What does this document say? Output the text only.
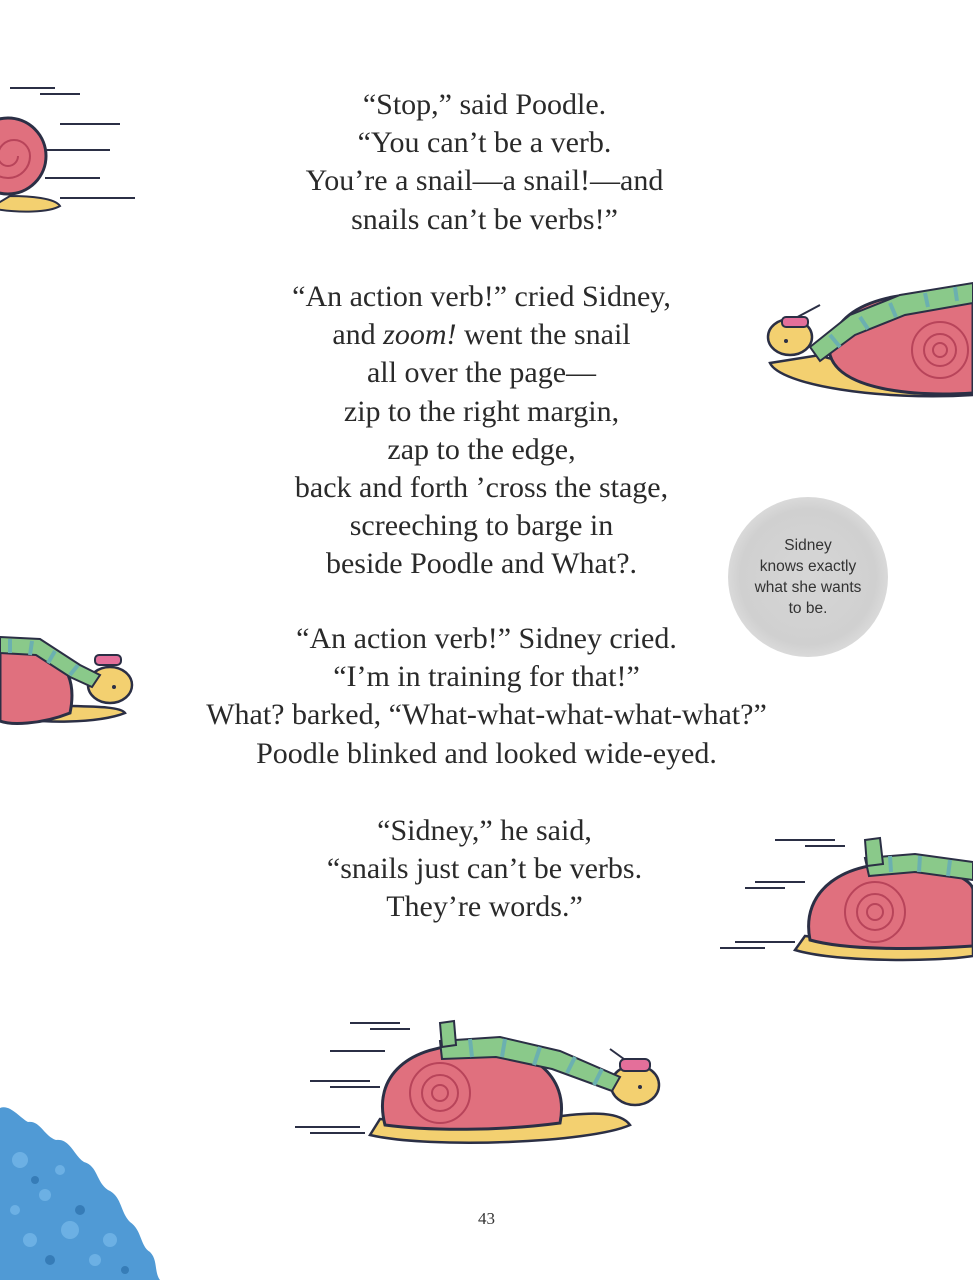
“Stop,” said Poodle.
“You can’t be a verb.
You’re a snail—a snail!—and
snails can’t be verbs!”
“An action verb!” cried Sidney,
and zoom! went the snail
all over the page—
zip to the right margin,
zap to the edge,
back and forth ’cross the stage,
screeching to barge in
beside Poodle and What?.
“An action verb!” Sidney cried.
“I’m in training for that!”
What? barked, “What-what-what-what-what?”
Poodle blinked and looked wide-eyed.
“Sidney,” he said,
“snails just can’t be verbs.
They’re words.”
Sidney
knows exactly
what she wants
to be.
43
